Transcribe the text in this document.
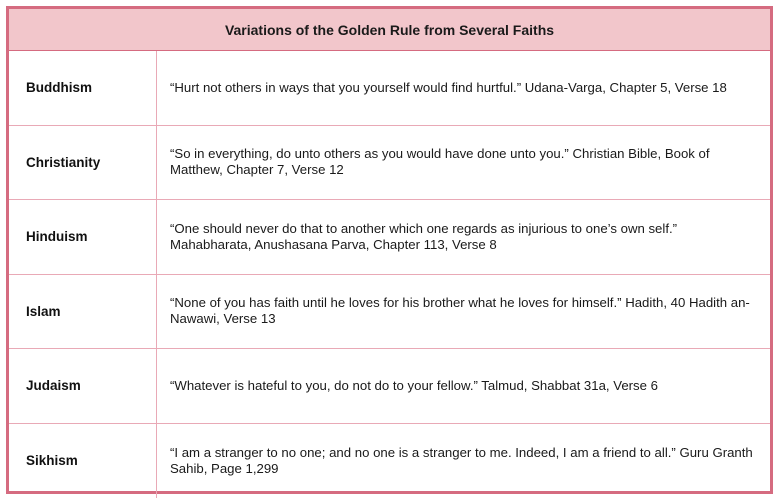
Variations of the Golden Rule from Several Faiths
Buddhism	“Hurt not others in ways that you yourself would find hurtful.” Udana-Varga, Chapter 5, Verse 18
Christianity
“So in everything, do unto others as you would have done unto you.” Christian Bible, Book of Matthew, Chapter 7, Verse 12
Hinduism
“One should never do that to another which one regards as injurious to one’s own self.” Mahabharata, Anushasana Parva, Chapter 113, Verse 8
Islam
“None of you has faith until he loves for his brother what he loves for himself.” Hadith, 40 Hadith an-Nawawi, Verse 13
Judaism	“Whatever is hateful to you, do not do to your fellow.” Talmud, Shabbat 31a, Verse 6
Sikhism
“I am a stranger to no one; and no one is a stranger to me. Indeed, I am a friend to all.” Guru Granth Sahib, Page 1,299
